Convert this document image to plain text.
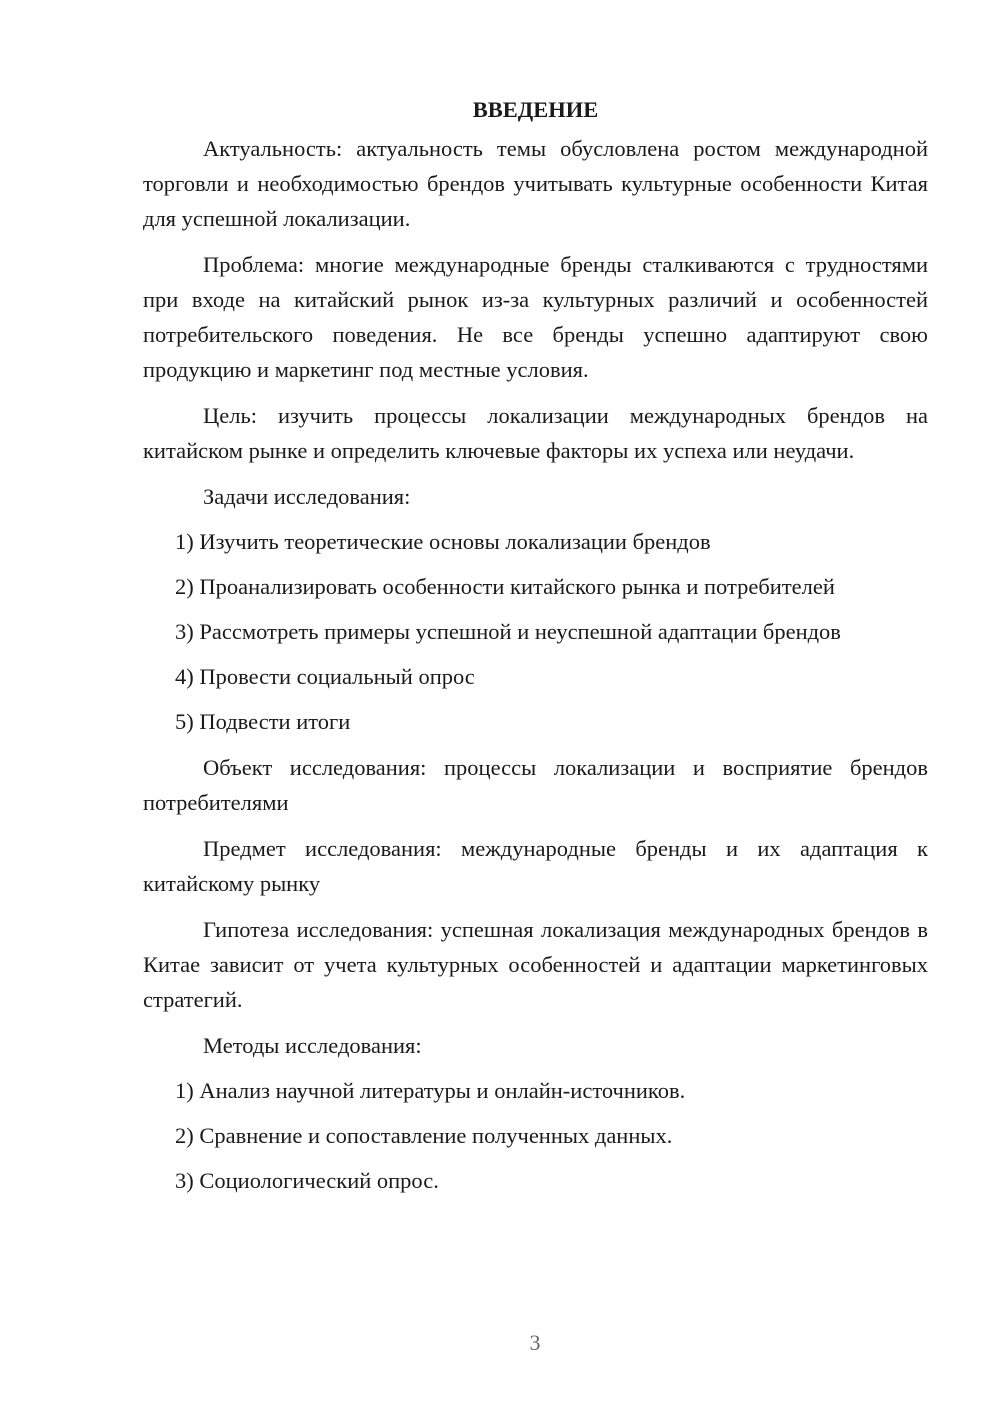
ВВЕДЕНИЕ

Актуальность: актуальность темы обусловлена ростом международной торговли и необходимостью брендов учитывать культурные особенности Китая для успешной локализации.

Проблема: многие международные бренды сталкиваются с трудностями при входе на китайский рынок из-за культурных различий и особенностей потребительского поведения. Не все бренды успешно адаптируют свою продукцию и маркетинг под местные условия.

Цель: изучить процессы локализации международных брендов на китайском рынке и определить ключевые факторы их успеха или неудачи.

Задачи исследования:

1) Изучить теоретические основы локализации брендов
2) Проанализировать особенности китайского рынка и потребителей
3) Рассмотреть примеры успешной и неуспешной адаптации брендов
4) Провести социальный опрос
5) Подвести итоги

Объект исследования: процессы локализации и восприятие брендов потребителями

Предмет исследования: международные бренды и их адаптация к китайскому рынку

Гипотеза исследования: успешная локализация международных брендов в Китае зависит от учета культурных особенностей и адаптации маркетинговых стратегий.

Методы исследования:

1) Анализ научной литературы и онлайн-источников.
2) Сравнение и сопоставление полученных данных.
3) Социологический опрос.
3
